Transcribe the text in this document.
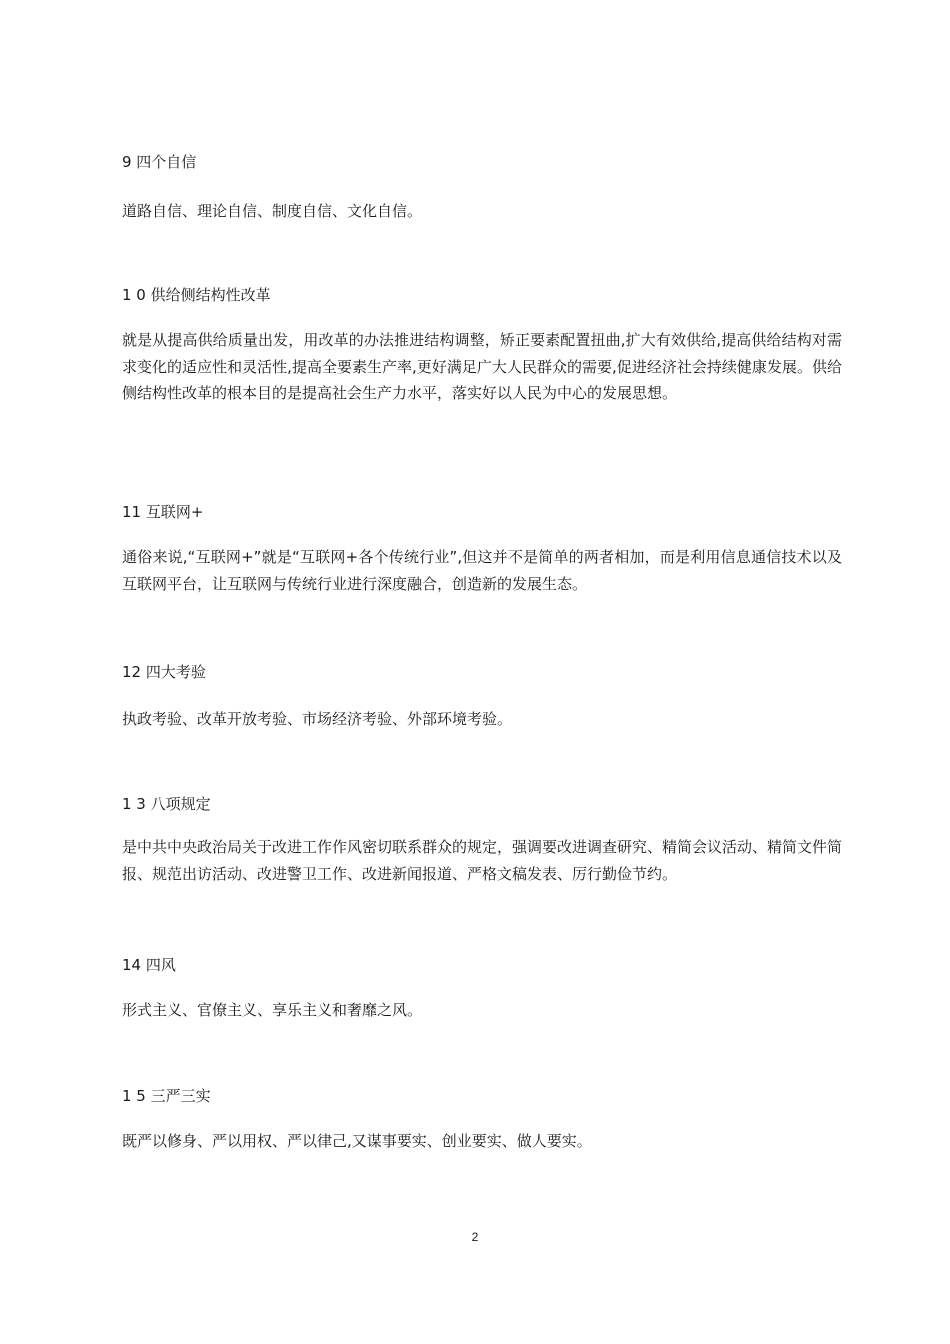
9 四个自信

道路自信、理论自信、制度自信、文化自信。

1 0 供给侧结构性改革

就是从提高供给质量出发，用改革的办法推进结构调整，矫正要素配置扭曲,扩大有效供给,提高供给结构对需求变化的适应性和灵活性,提高全要素生产率,更好满足广大人民群众的需要,促进经济社会持续健康发展。供给侧结构性改革的根本目的是提高社会生产力水平，落实好以人民为中心的发展思想。

11 互联网+

通俗来说,“互联网+”就是“互联网+各个传统行业”,但这并不是简单的两者相加，而是利用信息通信技术以及互联网平台，让互联网与传统行业进行深度融合，创造新的发展生态。

12 四大考验

执政考验、改革开放考验、市场经济考验、外部环境考验。

1 3 八项规定

是中共中央政治局关于改进工作作风密切联系群众的规定，强调要改进调查研究、精简会议活动、精简文件简报、规范出访活动、改进警卫工作、改进新闻报道、严格文稿发表、厉行勤俭节约。

14 四风

形式主义、官僚主义、享乐主义和奢靡之风。

1 5 三严三实

既严以修身、严以用权、严以律己,又谋事要实、创业要实、做人要实。

2
